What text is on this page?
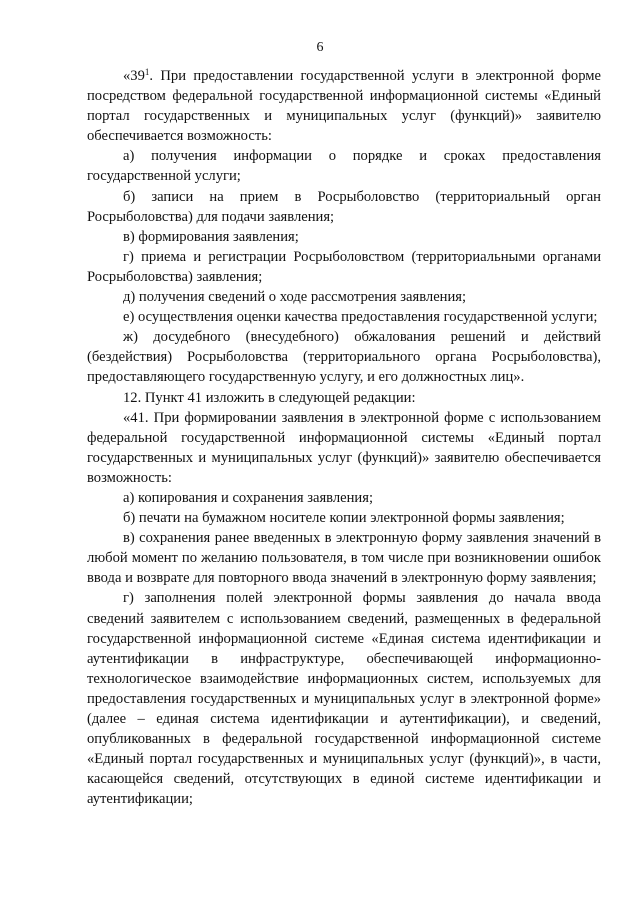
6

«$39^1$. При предоставлении государственной услуги в электронной форме посредством федеральной государственной информационной системы «Единый портал государственных и муниципальных услуг (функций)» заявителю обеспечивается возможность:

а) получения информации о порядке и сроках предоставления государственной услуги;

б) записи на прием в Росрыболовство (территориальный орган Росрыболовства) для подачи заявления;

в) формирования заявления;

г) приема и регистрации Росрыболовством (территориальными органами Росрыболовства) заявления;

д) получения сведений о ходе рассмотрения заявления;

е) осуществления оценки качества предоставления государственной услуги;

ж) досудебного (внесудебного) обжалования решений и действий (бездействия) Росрыболовства (территориального органа Росрыболовства), предоставляющего государственную услугу, и его должностных лиц».

12. Пункт 41 изложить в следующей редакции:

«41. При формировании заявления в электронной форме с использованием федеральной государственной информационной системы «Единый портал государственных и муниципальных услуг (функций)» заявителю обеспечивается возможность:

а) копирования и сохранения заявления;

б) печати на бумажном носителе копии электронной формы заявления;

в) сохранения ранее введенных в электронную форму заявления значений в любой момент по желанию пользователя, в том числе при возникновении ошибок ввода и возврате для повторного ввода значений в электронную форму заявления;

г) заполнения полей электронной формы заявления до начала ввода сведений заявителем с использованием сведений, размещенных в федеральной государственной информационной системе «Единая система идентификации и аутентификации в инфраструктуре, обеспечивающей информационно-технологическое взаимодействие информационных систем, используемых для предоставления государственных и муниципальных услуг в электронной форме» (далее – единая система идентификации и аутентификации), и сведений, опубликованных в федеральной государственной информационной системе «Единый портал государственных и муниципальных услуг (функций)», в части, касающейся сведений, отсутствующих в единой системе идентификации и аутентификации;
